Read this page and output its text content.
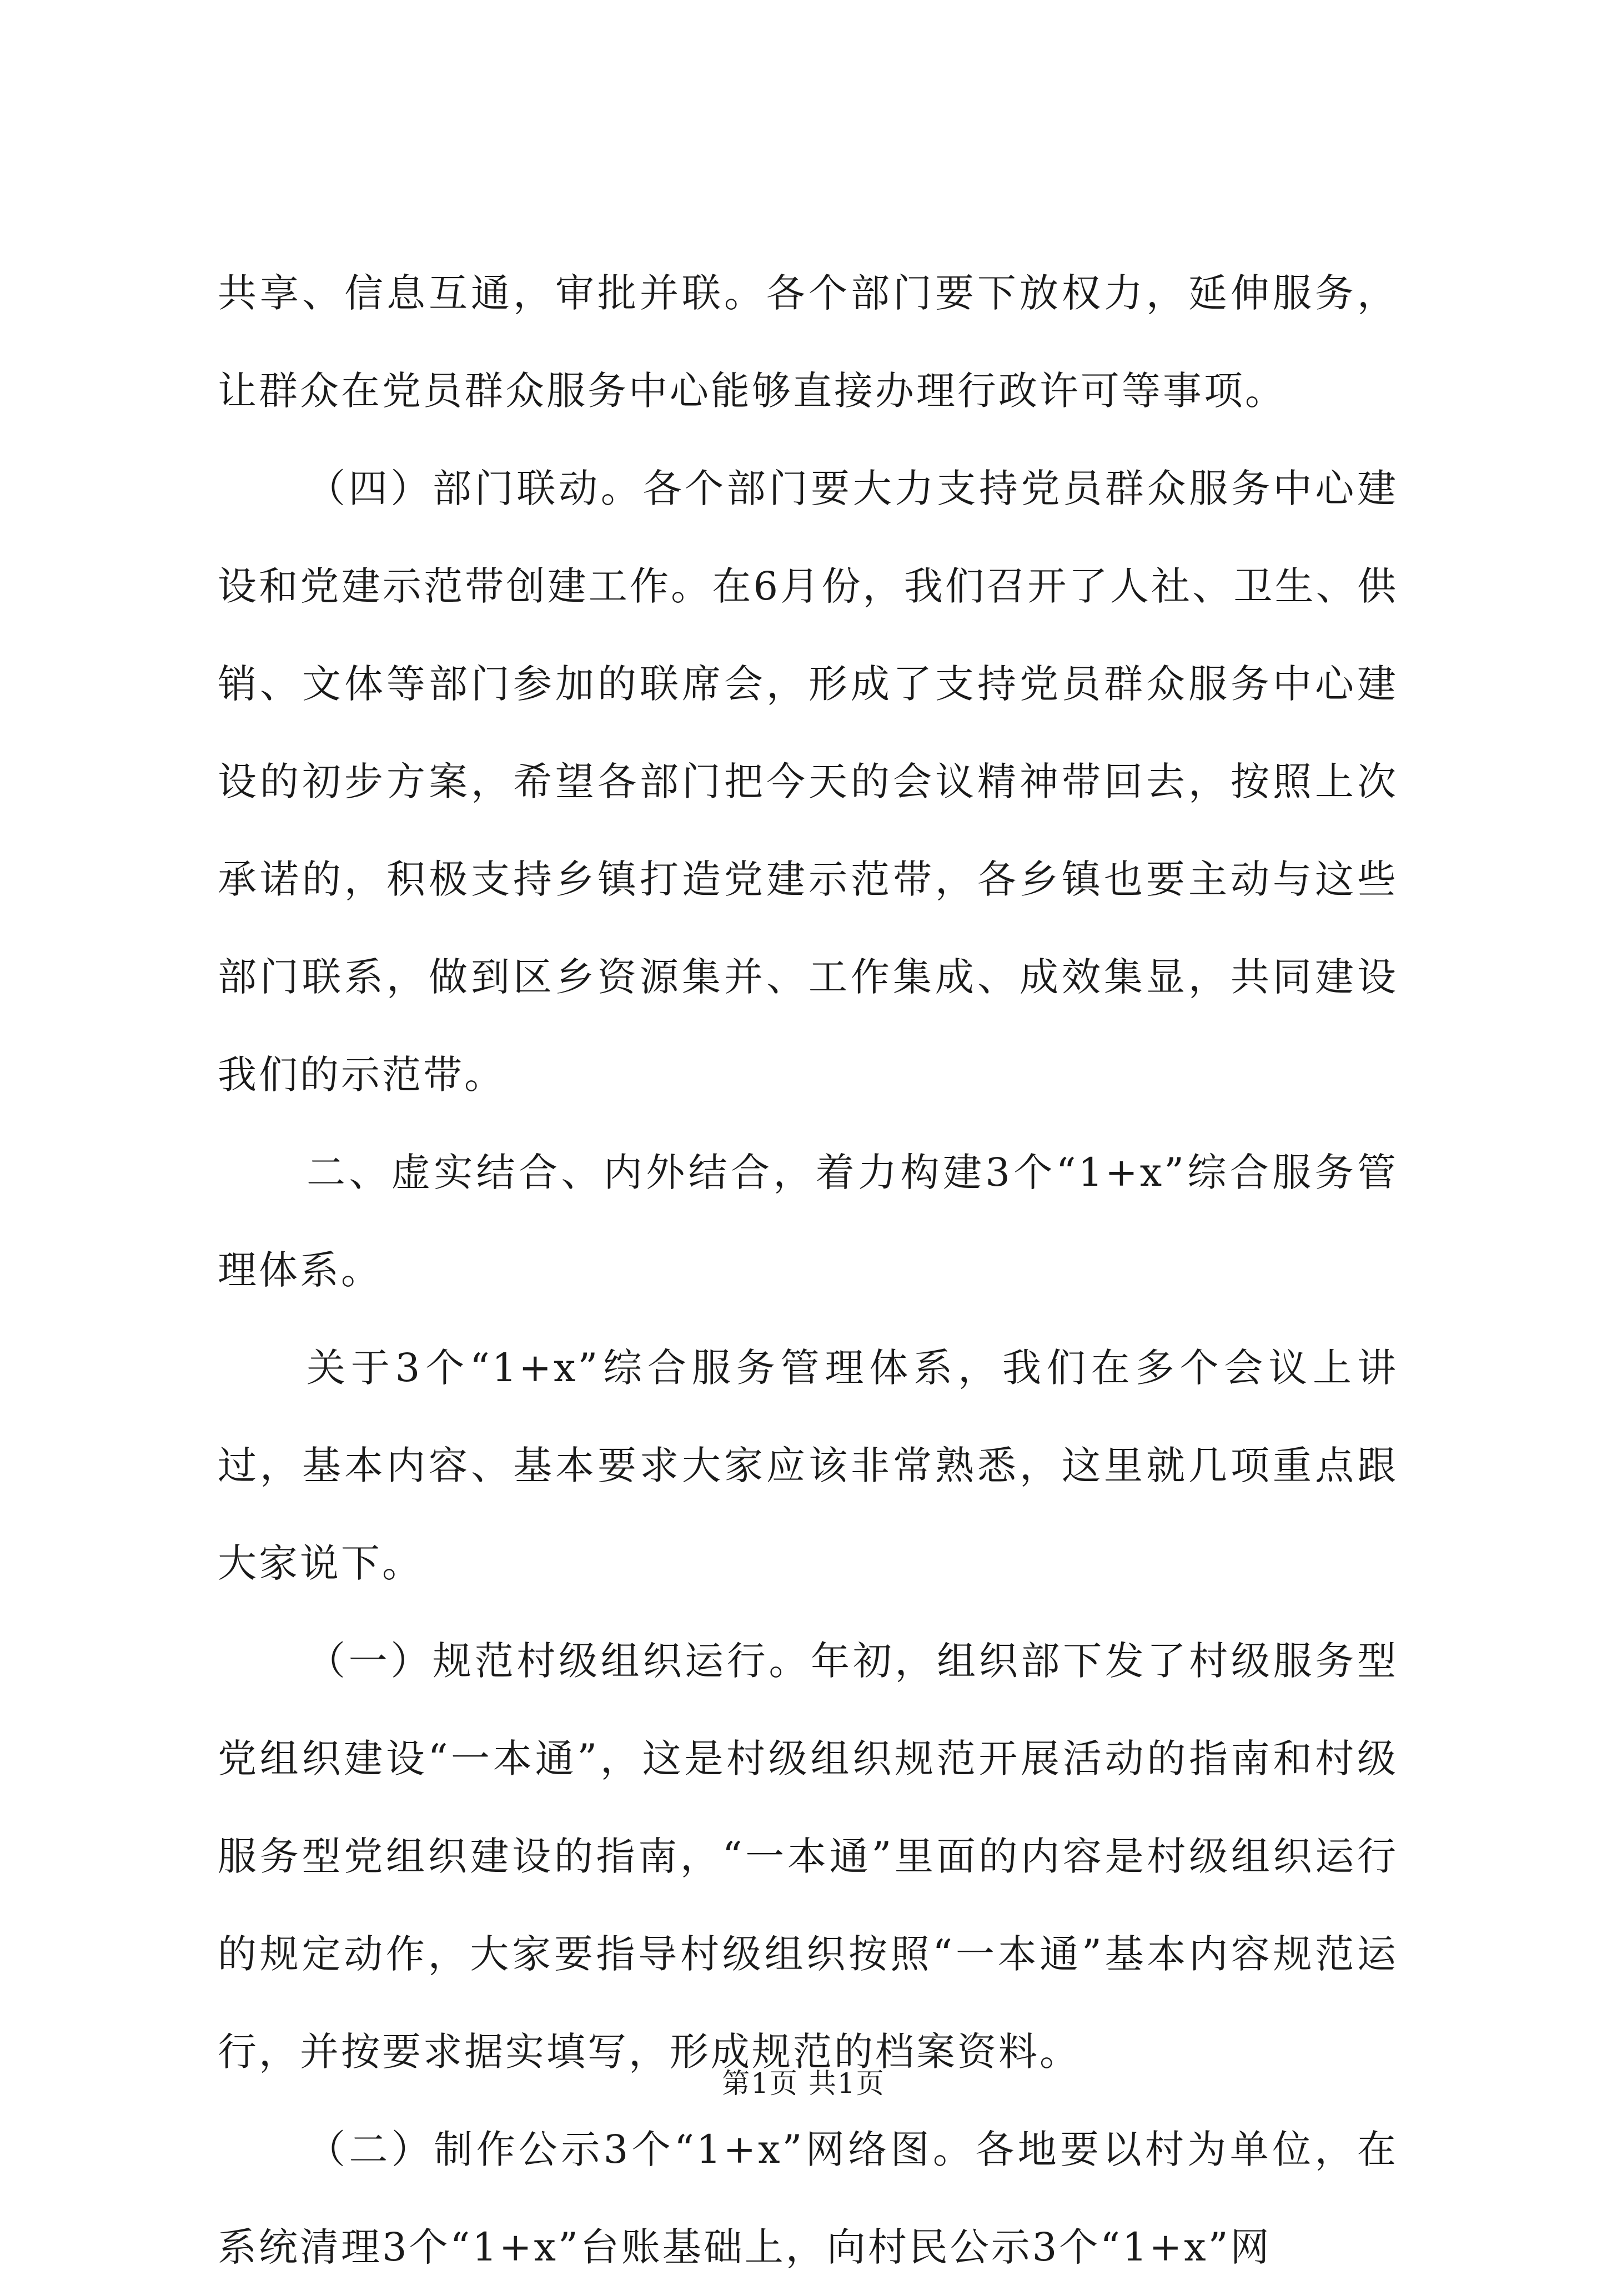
共享、信息互通，审批并联。各个部门要下放权力，延伸服务，让群众在党员群众服务中心能够直接办理行政许可等事项。

（四）部门联动。各个部门要大力支持党员群众服务中心建设和党建示范带创建工作。在6月份，我们召开了人社、卫生、供销、文体等部门参加的联席会，形成了支持党员群众服务中心建设的初步方案，希望各部门把今天的会议精神带回去，按照上次承诺的，积极支持乡镇打造党建示范带，各乡镇也要主动与这些部门联系，做到区乡资源集并、工作集成、成效集显，共同建设我们的示范带。

二、虚实结合、内外结合，着力构建3个“1+x”综合服务管理体系。

关于3个“1+x”综合服务管理体系，我们在多个会议上讲过，基本内容、基本要求大家应该非常熟悉，这里就几项重点跟大家说下。

（一）规范村级组织运行。年初，组织部下发了村级服务型党组织建设“一本通”，这是村级组织规范开展活动的指南和村级服务型党组织建设的指南，“一本通”里面的内容是村级组织运行的规定动作，大家要指导村级组织按照“一本通”基本内容规范运行，并按要求据实填写，形成规范的档案资料。

（二）制作公示3个“1+x”网络图。各地要以村为单位，在系统清理3个“1+x”台账基础上，向村民公示3个“1+x”网

第1页 共1页
